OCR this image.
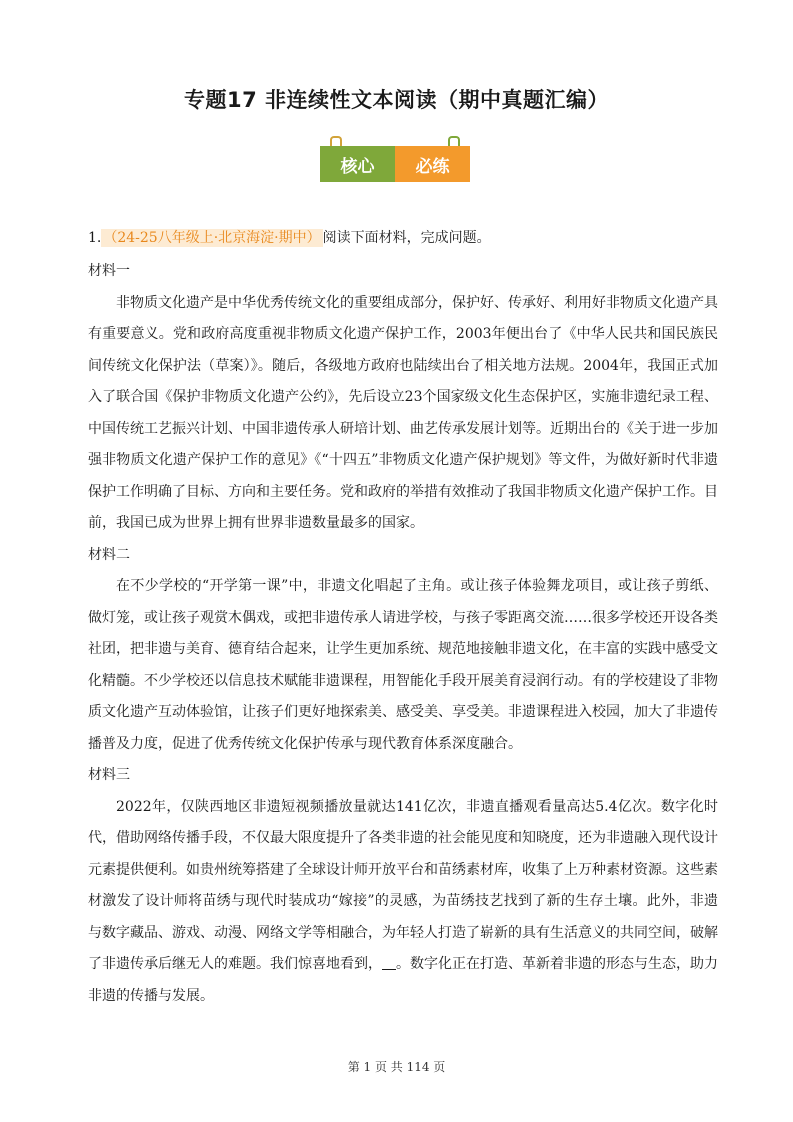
专题17 非连续性文本阅读（期中真题汇编）
核心	必练
1. （24-25八年级上·北京海淀·期中） 阅读下面材料，完成问题。

材料一

非物质文化遗产是中华优秀传统文化的重要组成部分，保护好、传承好、利用好非物质文化遗产具有重要意义。党和政府高度重视非物质文化遗产保护工作，2003年便出台了《中华人民共和国民族民间传统文化保护法（草案）》。随后，各级地方政府也陆续出台了相关地方法规。2004年，我国正式加入了联合国《保护非物质文化遗产公约》，先后设立23个国家级文化生态保护区，实施非遗纪录工程、中国传统工艺振兴计划、中国非遗传承人研培计划、曲艺传承发展计划等。近期出台的《关于进一步加强非物质文化遗产保护工作的意见》《“十四五”非物质文化遗产保护规划》等文件，为做好新时代非遗保护工作明确了目标、方向和主要任务。党和政府的举措有效推动了我国非物质文化遗产保护工作。目前，我国已成为世界上拥有世界非遗数量最多的国家。

材料二

在不少学校的“开学第一课”中，非遗文化唱起了主角。或让孩子体验舞龙项目，或让孩子剪纸、做灯笼，或让孩子观赏木偶戏，或把非遗传承人请进学校，与孩子零距离交流……很多学校还开设各类社团，把非遗与美育、德育结合起来，让学生更加系统、规范地接触非遗文化，在丰富的实践中感受文化精髓。不少学校还以信息技术赋能非遗课程，用智能化手段开展美育浸润行动。有的学校建设了非物质文化遗产互动体验馆，让孩子们更好地探索美、感受美、享受美。非遗课程进入校园，加大了非遗传播普及力度，促进了优秀传统文化保护传承与现代教育体系深度融合。

材料三

2022年，仅陕西地区非遗短视频播放量就达141亿次，非遗直播观看量高达5.4亿次。数字化时代，借助网络传播手段，不仅最大限度提升了各类非遗的社会能见度和知晓度，还为非遗融入现代设计元素提供便利。如贵州统筹搭建了全球设计师开放平台和苗绣素材库，收集了上万种素材资源。这些素材激发了设计师将苗绣与现代时装成功“嫁接”的灵感，为苗绣技艺找到了新的生存土壤。此外，非遗与数字藏品、游戏、动漫、网络文学等相融合，为年轻人打造了崭新的具有生活意义的共同空间，破解了非遗传承后继无人的难题。我们惊喜地看到，＿。数字化正在打造、革新着非遗的形态与生态，助力非遗的传播与发展。

第 1 页 共 114 页
